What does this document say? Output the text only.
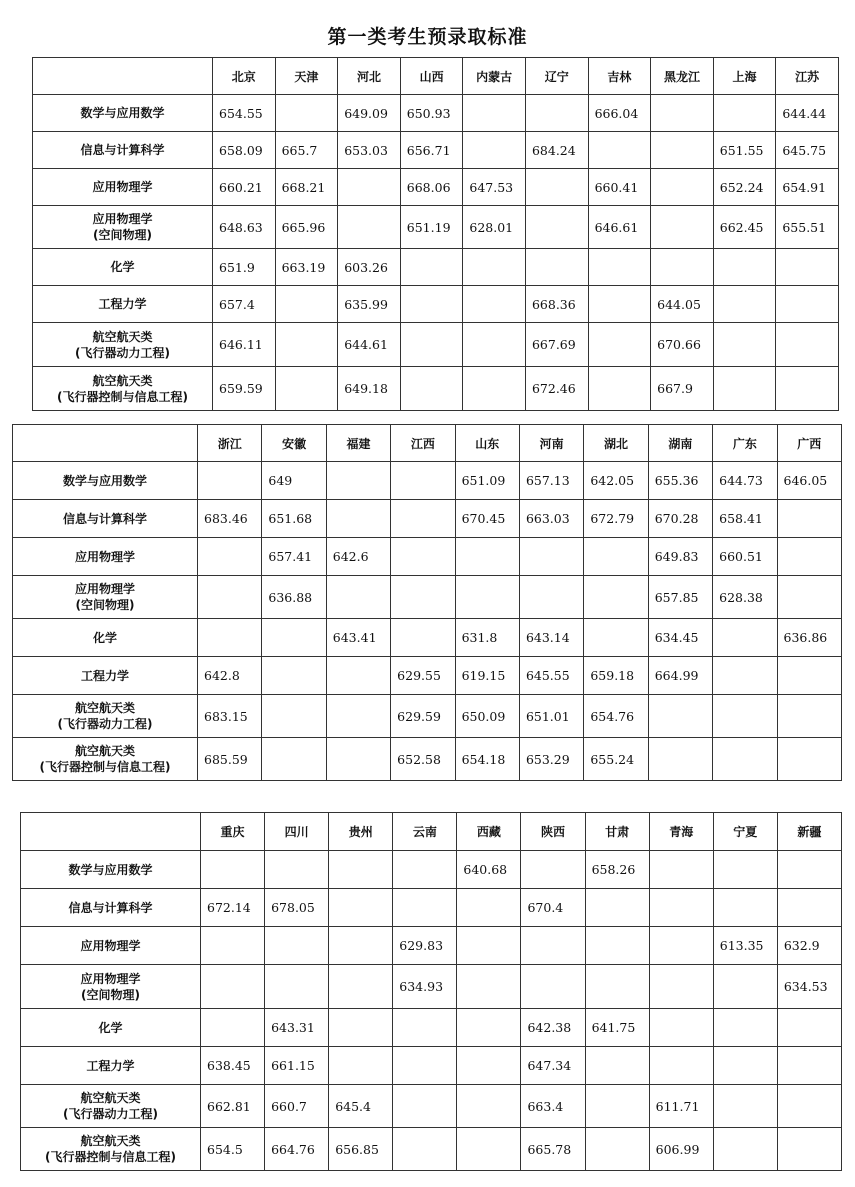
第一类考生预录取标准
	北京	天津	河北	山西	内蒙古	辽宁	吉林	黑龙江	上海	江苏

数学与应用数学	654.55		649.09	650.93			666.04			644.44

信息与计算科学	658.09	665.7	653.03	656.71		684.24			651.55	645.75

应用物理学	660.21	668.21		668.06	647.53		660.41		652.24	654.91

应用物理学
(空间物理)	648.63	665.96		651.19	628.01		646.61		662.45	655.51

化学	651.9	663.19	603.26							

工程力学	657.4		635.99			668.36		644.05		

航空航天类
(飞行器动力工程)	646.11		644.61			667.69		670.66		

航空航天类
(飞行器控制与信息工程)	659.59		649.18			672.46		667.9		
	浙江	安徽	福建	江西	山东	河南	湖北	湖南	广东	广西

数学与应用数学		649			651.09	657.13	642.05	655.36	644.73	646.05

信息与计算科学	683.46	651.68			670.45	663.03	672.79	670.28	658.41	

应用物理学		657.41	642.6					649.83	660.51	

应用物理学
(空间物理)		636.88						657.85	628.38	

化学			643.41		631.8	643.14		634.45		636.86

工程力学	642.8			629.55	619.15	645.55	659.18	664.99		

航空航天类
(飞行器动力工程)	683.15			629.59	650.09	651.01	654.76			

航空航天类
(飞行器控制与信息工程)	685.59			652.58	654.18	653.29	655.24			
	重庆	四川	贵州	云南	西藏	陕西	甘肃	青海	宁夏	新疆

数学与应用数学					640.68		658.26			

信息与计算科学	672.14	678.05				670.4				

应用物理学				629.83					613.35	632.9

应用物理学
(空间物理)				634.93						634.53

化学		643.31				642.38	641.75			

工程力学	638.45	661.15				647.34				

航空航天类
(飞行器动力工程)	662.81	660.7	645.4			663.4		611.71		

航空航天类
(飞行器控制与信息工程)	654.5	664.76	656.85			665.78		606.99		
